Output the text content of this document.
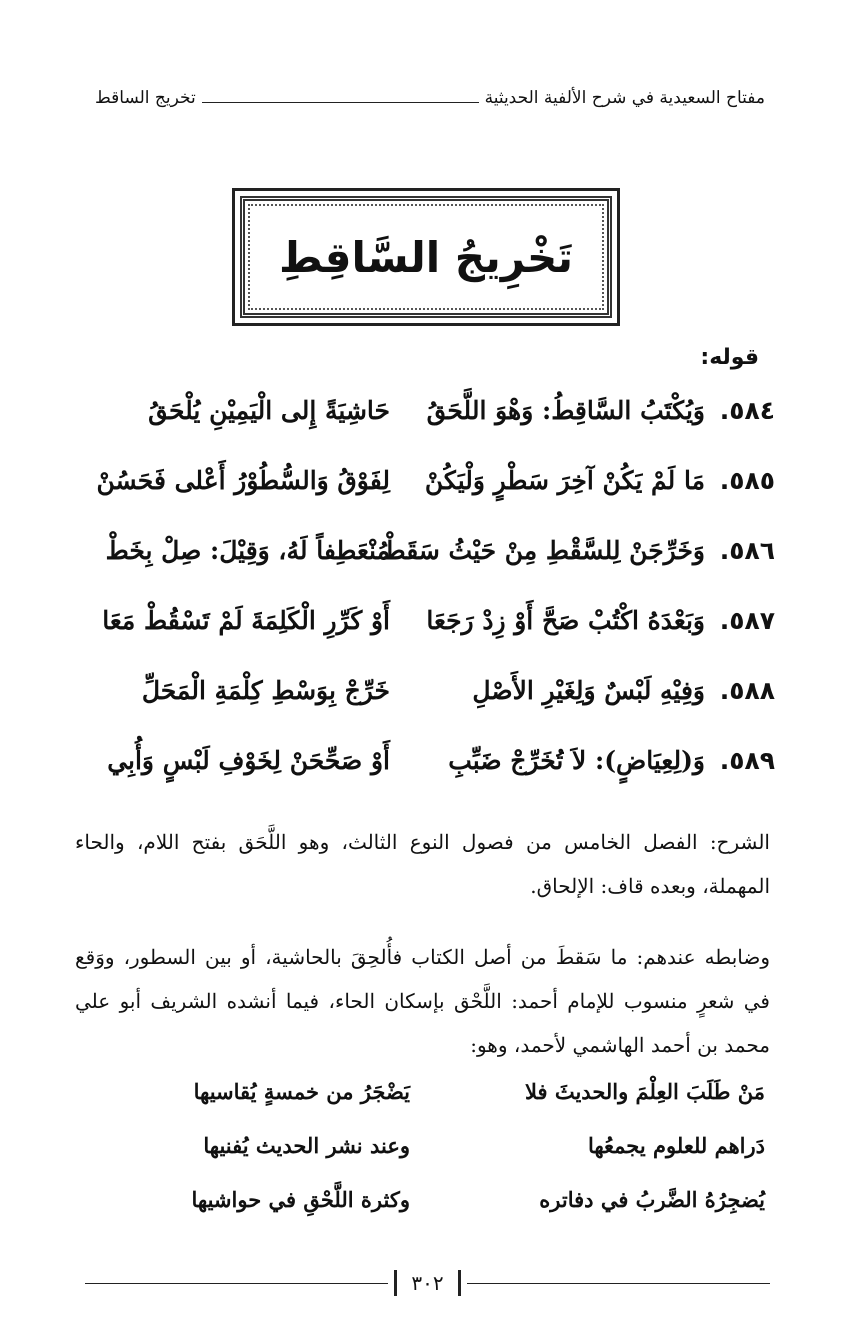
مفتاح السعيدية في شرح الألفية الحديثية
تخريج الساقط
تَخْرِيجُ السَّاقِطِ
قوله:
٥٨٤.
وَيُكْتَبُ السَّاقِطُ: وَهْوَ اللَّحَقُ
حَاشِيَةً إِلى الْيَمِيْنِ يُلْحَقُ
٥٨٥.
مَا لَمْ يَكُنْ آخِرَ سَطْرٍ وَلْيَكُنْ
لِفَوْقُ وَالسُّطُوْرُ أَعْلى فَحَسُنْ
٥٨٦.
وَخَرِّجَنْ لِلسَّقْطِ مِنْ حَيْثُ سَقَطْ
مُنْعَطِفاً لَهُ، وَقِيْلَ: صِلْ بِخَطْ
٥٨٧.
وَبَعْدَهُ اكْتُبْ صَحَّ أَوْ زِدْ رَجَعَا
أَوْ كَرِّرِ الْكَلِمَةَ لَمْ تَسْقُطْ مَعَا
٥٨٨.
وَفِيْهِ لَبْسٌ وَلِغَيْرِ الأَصْلِ
خَرِّجْ بِوَسْطِ كِلْمَةِ الْمَحَلِّ
٥٨٩.
وَ(لِعِيَاضٍ): لاَ تُخَرِّجْ ضَبِّبِ
أَوْ صَحِّحَنْ لِخَوْفِ لَبْسٍ وَأُبِي

الشرح: الفصل الخامس من فصول النوع الثالث، وهو اللَّحَق بفتح اللام، والحاء المهملة، وبعده قاف: الإلحاق.

وضابطه عندهم: ما سَقطَ من أصل الكتاب فأُلحِقَ بالحاشية، أو بين السطور، ووَقع في شعرٍ منسوب للإمام أحمد: اللَّحْق بإسكان الحاء، فيما أنشده الشريف أبو علي محمد بن أحمد الهاشمي لأحمد، وهو:

مَنْ طَلَبَ العِلْمَ والحديثَ فلا
يَضْجَرُ من خمسةٍ يُقاسيها
دَراهم للعلوم يجمعُها
وعند نشر الحديث يُفنيها
يُضجِرُهُ الضَّربُ في دفاتره
وكثرة اللَّحْقِ في حواشيها
٣٠٢
